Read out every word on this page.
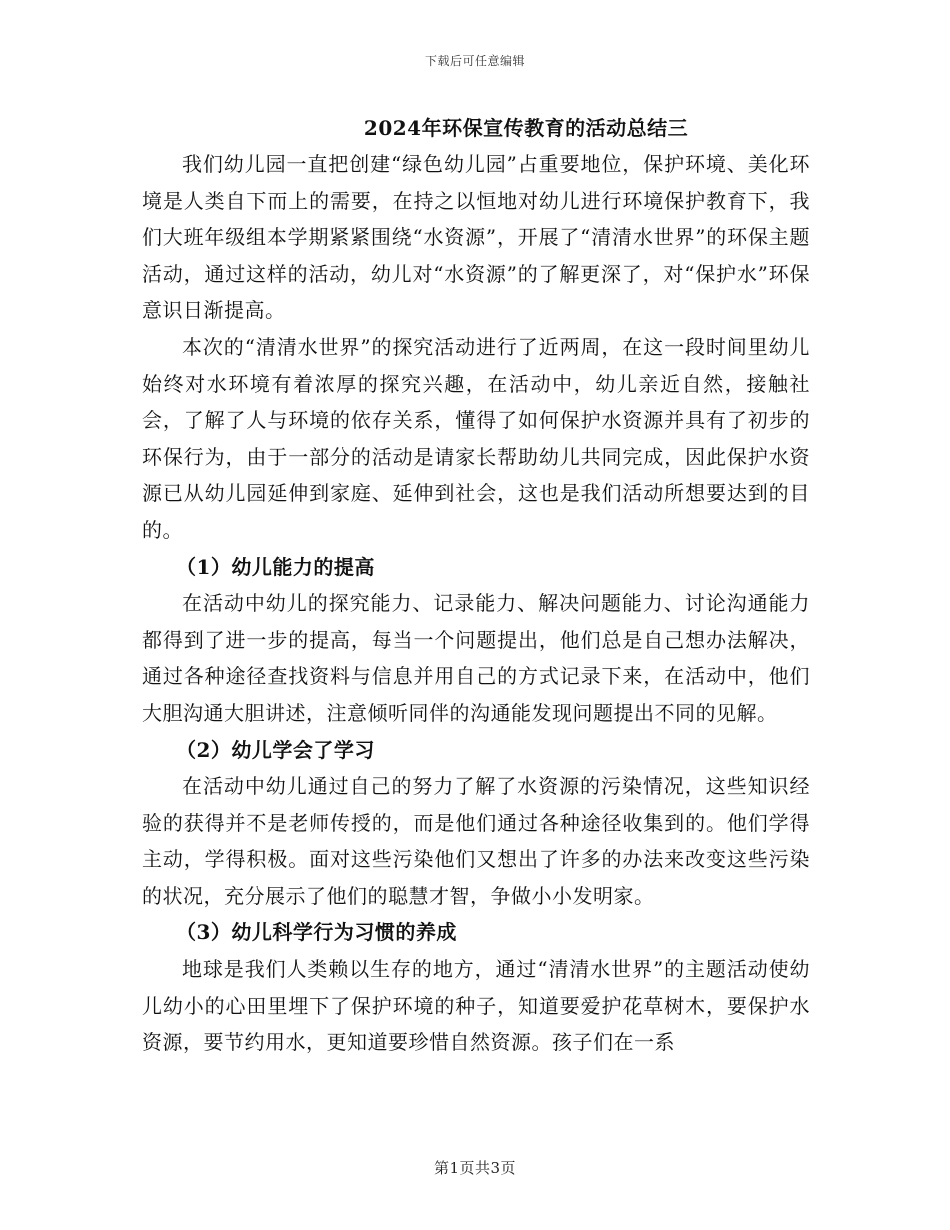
下载后可任意编辑
2024年环保宣传教育的活动总结三

我们幼儿园一直把创建“绿色幼儿园”占重要地位，保护环境、美化环境是人类自下而上的需要，在持之以恒地对幼儿进行环境保护教育下，我们大班年级组本学期紧紧围绕“水资源”，开展了“清清水世界”的环保主题活动，通过这样的活动，幼儿对“水资源”的了解更深了，对“保护水”环保意识日渐提高。

本次的“清清水世界”的探究活动进行了近两周，在这一段时间里幼儿始终对水环境有着浓厚的探究兴趣，在活动中，幼儿亲近自然，接触社会，了解了人与环境的依存关系，懂得了如何保护水资源并具有了初步的环保行为，由于一部分的活动是请家长帮助幼儿共同完成，因此保护水资源已从幼儿园延伸到家庭、延伸到社会，这也是我们活动所想要达到的目的。

（1）幼儿能力的提高

在活动中幼儿的探究能力、记录能力、解决问题能力、讨论沟通能力都得到了进一步的提高，每当一个问题提出，他们总是自己想办法解决，通过各种途径查找资料与信息并用自己的方式记录下来，在活动中，他们大胆沟通大胆讲述，注意倾听同伴的沟通能发现问题提出不同的见解。

（2）幼儿学会了学习

在活动中幼儿通过自己的努力了解了水资源的污染情况，这些知识经验的获得并不是老师传授的，而是他们通过各种途径收集到的。他们学得主动，学得积极。面对这些污染他们又想出了许多的办法来改变这些污染的状况，充分展示了他们的聪慧才智，争做小小发明家。

（3）幼儿科学行为习惯的养成

地球是我们人类赖以生存的地方，通过“清清水世界”的主题活动使幼儿幼小的心田里埋下了保护环境的种子，知道要爱护花草树木，要保护水资源，要节约用水，更知道要珍惜自然资源。孩子们在一系

第1页共3页
